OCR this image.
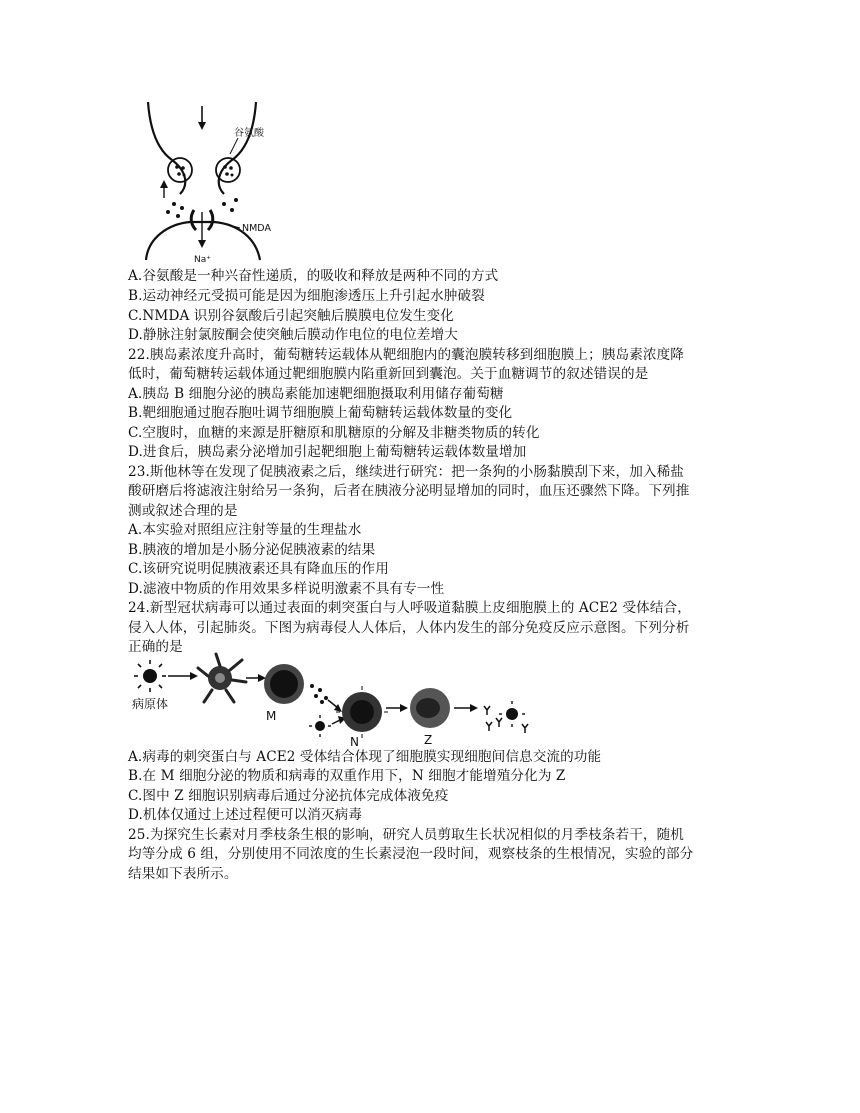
谷氨酸
NMDA
Na⁺
A.谷氨酸是一种兴奋性递质，的吸收和释放是两种不同的方式
B.运动神经元受损可能是因为细胞渗透压上升引起水肿破裂
C.NMDA 识别谷氨酸后引起突触后膜膜电位发生变化
D.静脉注射氯胺酮会使突触后膜动作电位的电位差增大
22.胰岛素浓度升高时，葡萄糖转运载体从靶细胞内的囊泡膜转移到细胞膜上；胰岛素浓度降
低时，葡萄糖转运载体通过靶细胞膜内陷重新回到囊泡。关于血糖调节的叙述错误的是
A.胰岛 B 细胞分泌的胰岛素能加速靶细胞摄取利用储存葡萄糖
B.靶细胞通过胞吞胞吐调节细胞膜上葡萄糖转运载体数量的变化
C.空腹时，血糖的来源是肝糖原和肌糖原的分解及非糖类物质的转化
D.进食后，胰岛素分泌增加引起靶细胞上葡萄糖转运载体数量增加
23.斯他林等在发现了促胰液素之后，继续进行研究：把一条狗的小肠黏膜刮下来，加入稀盐
酸研磨后将滤液注射给另一条狗，后者在胰液分泌明显增加的同时，血压还骤然下降。下列推
测或叙述合理的是
A.本实验对照组应注射等量的生理盐水
B.胰液的增加是小肠分泌促胰液素的结果
C.该研究说明促胰液素还具有降血压的作用
D.滤液中物质的作用效果多样说明激素不具有专一性
24.新型冠状病毒可以通过表面的刺突蛋白与人呼吸道黏膜上皮细胞膜上的 ACE2 受体结合，
侵入人体，引起肺炎。下图为病毒侵人人体后，人体内发生的部分免疫反应示意图。下列分析
正确的是
病原体
M
N	Z
A.病毒的刺突蛋白与 ACE2 受体结合体现了细胞膜实现细胞间信息交流的功能
B.在 M 细胞分泌的物质和病毒的双重作用下，N 细胞才能增殖分化为 Z
C.图中 Z 细胞识别病毒后通过分泌抗体完成体液免疫
D.机体仅通过上述过程便可以消灭病毒
25.为探究生长素对月季枝条生根的影响，研究人员剪取生长状况相似的月季枝条若干，随机
均等分成 6 组，分别使用不同浓度的生长素浸泡一段时间，观察枝条的生根情况，实验的部分
结果如下表所示。
